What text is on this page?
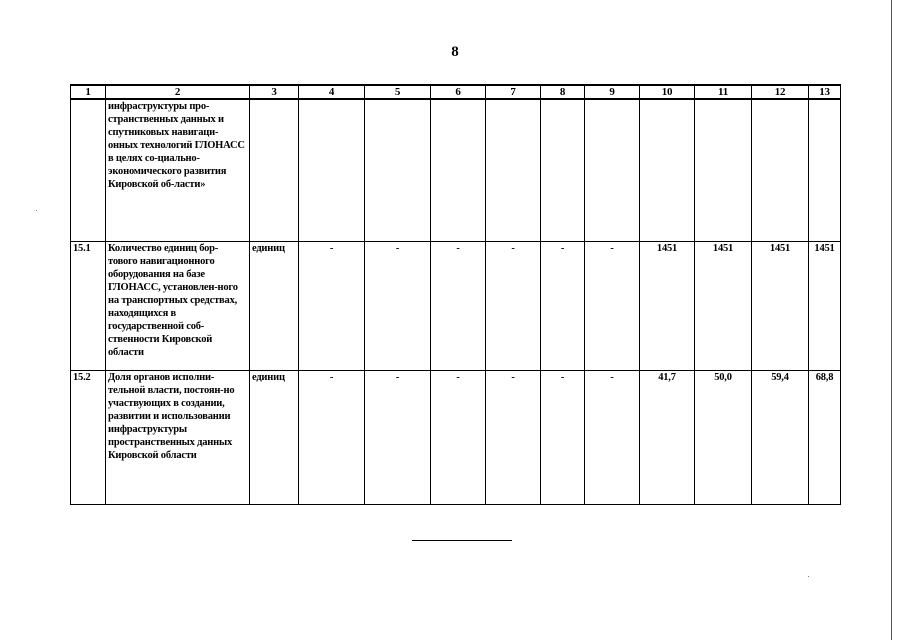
8
1	2	3	4	5	6	7	8	9	10	11	12	13
	инфраструктуры про-странственных данных и спутниковых навигаци-онных технологий ГЛОНАСС в целях со-циально-экономического развития Кировской об-ласти»											
15.1	Количество единиц бор-тового навигационного оборудования на базе ГЛОНАСС, установлен-ного на транспортных средствах, находящихся в государственной соб-ственности Кировской области	единиц	-	-	-	-	-	-	1451	1451	1451	1451
15.2	Доля органов исполни-тельной власти, постоян-но участвующих в создании, развитии и использовании инфраструктуры пространственных данных Кировской области	единиц	-	-	-	-	-	-	41,7	50,0	59,4	68,8
